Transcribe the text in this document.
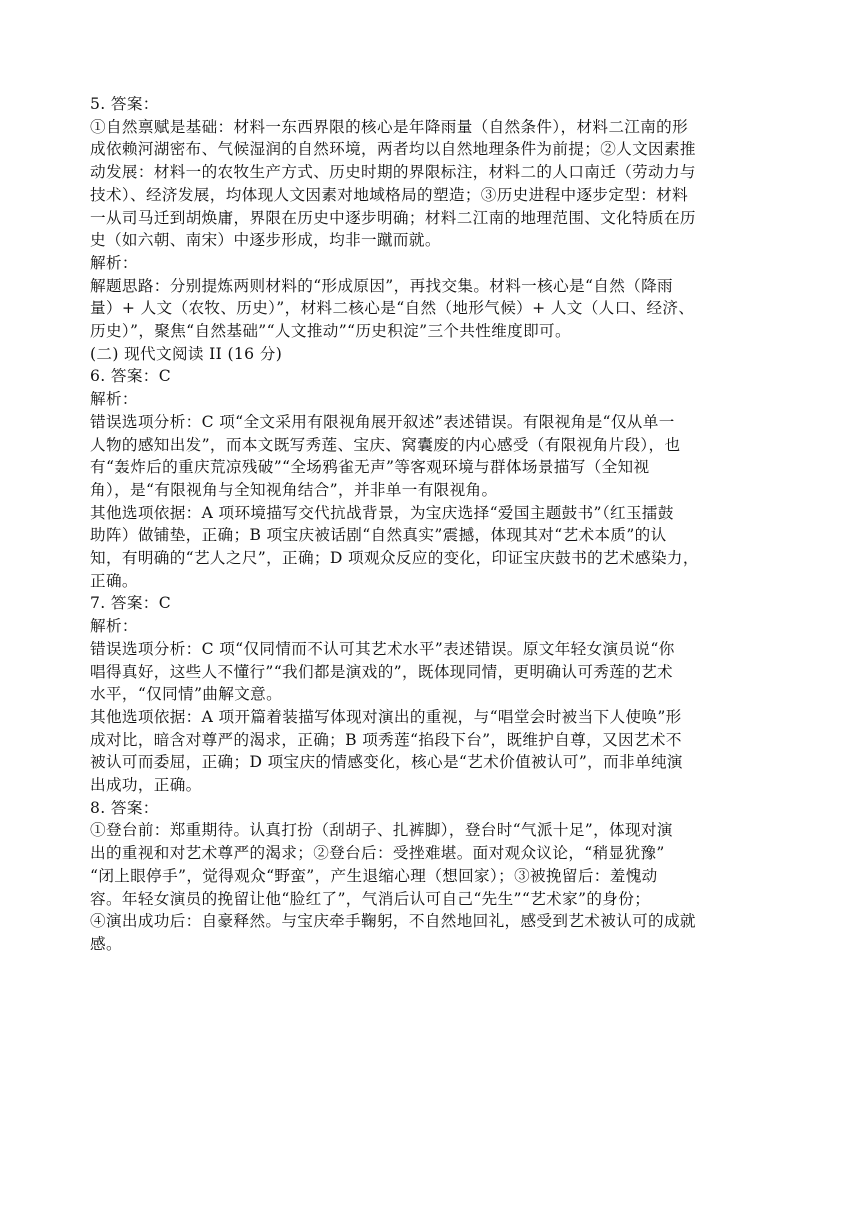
5. 答案：
①自然禀赋是基础：材料一东西界限的核心是年降雨量（自然条件），材料二江南的形
成依赖河湖密布、气候湿润的自然环境，两者均以自然地理条件为前提；②人文因素推
动发展：材料一的农牧生产方式、历史时期的界限标注，材料二的人口南迁（劳动力与
技术）、经济发展，均体现人文因素对地域格局的塑造；③历史进程中逐步定型：材料
一从司马迁到胡焕庸，界限在历史中逐步明确；材料二江南的地理范围、文化特质在历
史（如六朝、南宋）中逐步形成，均非一蹴而就。
解析：
解题思路：分别提炼两则材料的“形成原因”，再找交集。材料一核心是“自然（降雨
量）+ 人文（农牧、历史）”，材料二核心是“自然（地形气候）+ 人文（人口、经济、
历史）”，聚焦“自然基础”“人文推动”“历史积淀”三个共性维度即可。
(二) 现代文阅读 II (16 分)
6. 答案：C
解析：
错误选项分析：C 项“全文采用有限视角展开叙述”表述错误。有限视角是“仅从单一
人物的感知出发”，而本文既写秀莲、宝庆、窝囊废的内心感受（有限视角片段），也
有“轰炸后的重庆荒凉残破”“全场鸦雀无声”等客观环境与群体场景描写（全知视
角），是“有限视角与全知视角结合”，并非单一有限视角。
其他选项依据：A 项环境描写交代抗战背景，为宝庆选择“爱国主题鼓书”（红玉擂鼓
助阵）做铺垫，正确；B 项宝庆被话剧“自然真实”震撼，体现其对“艺术本质”的认
知，有明确的“艺人之尺”，正确；D 项观众反应的变化，印证宝庆鼓书的艺术感染力，
正确。
7. 答案：C
解析：
错误选项分析：C 项“仅同情而不认可其艺术水平”表述错误。原文年轻女演员说“你
唱得真好，这些人不懂行”“我们都是演戏的”，既体现同情，更明确认可秀莲的艺术
水平，“仅同情”曲解文意。
其他选项依据：A 项开篇着装描写体现对演出的重视，与“唱堂会时被当下人使唤”形
成对比，暗含对尊严的渴求，正确；B 项秀莲“掐段下台”，既维护自尊，又因艺术不
被认可而委屈，正确；D 项宝庆的情感变化，核心是“艺术价值被认可”，而非单纯演
出成功，正确。
8. 答案：
①登台前：郑重期待。认真打扮（刮胡子、扎裤脚），登台时“气派十足”，体现对演
出的重视和对艺术尊严的渴求；②登台后：受挫难堪。面对观众议论，“稍显犹豫”
“闭上眼停手”，觉得观众“野蛮”，产生退缩心理（想回家）；③被挽留后：羞愧动
容。年轻女演员的挽留让他“脸红了”，气消后认可自己“先生”“艺术家”的身份；
④演出成功后：自豪释然。与宝庆牵手鞠躬，不自然地回礼，感受到艺术被认可的成就
感。
